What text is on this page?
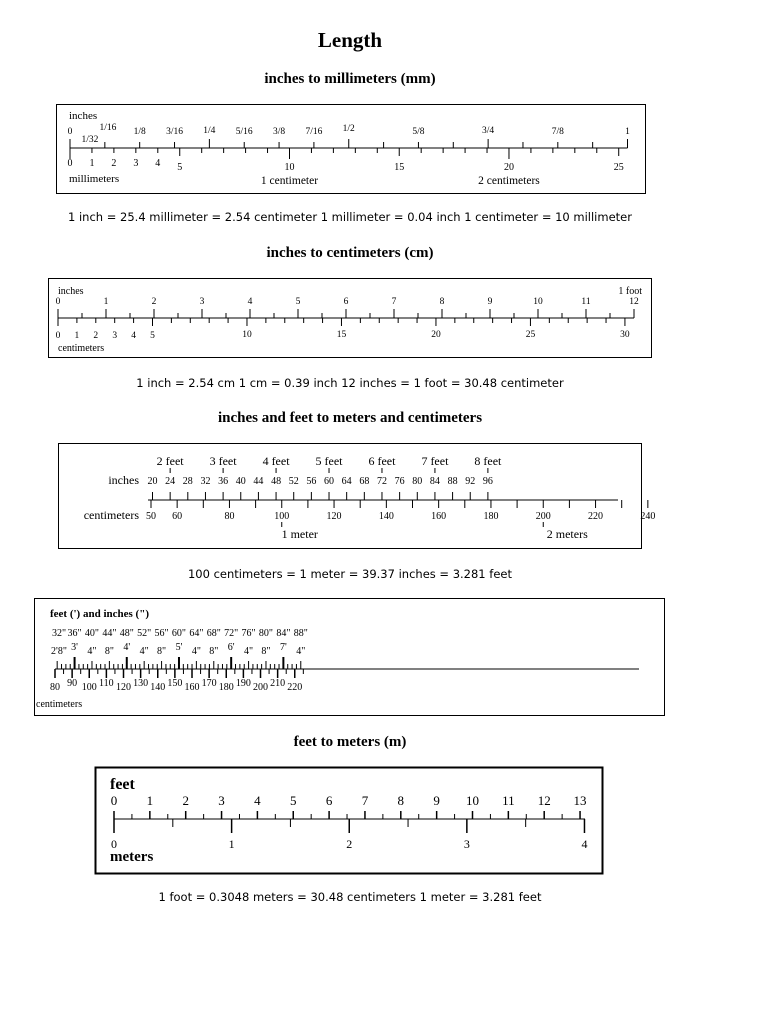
Length
inches to millimeters (mm)
inches
0
1/32
1/16 1/8 3/16 1/4 5/16 3/8 7/16 1/2	5/8	3/4	7/8	1
0 1 2 3 4 5	10	15	20	25
millimeters	1 centimeter	2 centimeters
1 inch = 25.4 millimeter = 2.54 centimeter 1 millimeter = 0.04 inch 1 centimeter = 10 millimeter
inches to centimeters (cm)
inches	1 foot
0	1	2	3	4	5	6	7	8	9	10	11	12
0 1 2 3 4 5	10	15	20	25	30
centimeters
1 inch = 2.54 cm 1 cm = 0.39 inch 12 inches = 1 foot = 30.48 centimeter
inches and feet to meters and centimeters
2 feet 3 feet 4 feet 5 feet 6 feet 7 feet 8 feet
inches 20 24 28 32 36 40 44 48 52 56 60 64 68 72 76 80 84 88 92 96
centimeters 50 60	80	100	120	140	160	180	200	220	240
1 meter	2 meters
100 centimeters = 1 meter = 39.37 inches = 3.281 feet
feet (') and inches (")
32" 36" 40" 44" 48" 52" 56" 60" 64" 68" 72" 76" 80" 84" 88"
2'8" 3' 4" 8" 4' 4" 8" 5' 4" 8" 6' 4" 8" 7' 4"
80 90 100 110 120 130 140 150 160 170 180 190 200 210 220
centimeters
feet to meters (m)
feet
0 1 2 3 4 5 6 7 8 9 10 11 12 13
0	1	2	3	4
meters
1 foot = 0.3048 meters = 30.48 centimeters 1 meter = 3.281 feet
